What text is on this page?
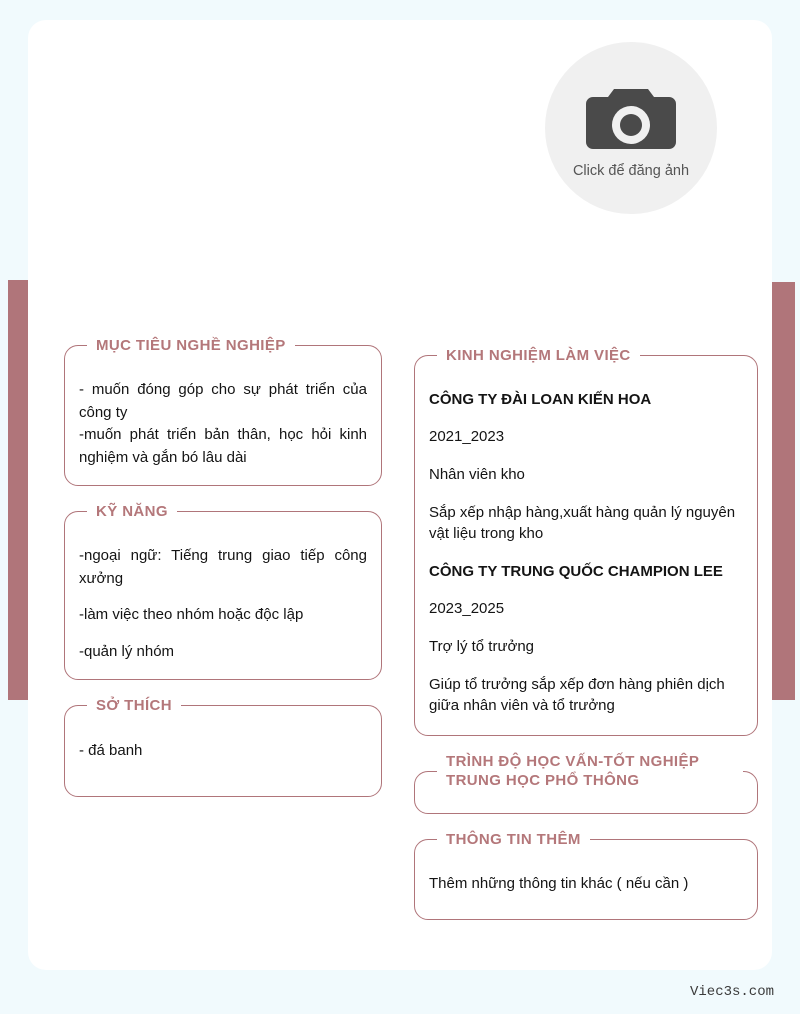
Click để đăng ảnh
MỤC TIÊU NGHỀ NGHIỆP
- muốn đóng góp cho sự phát triển của công ty
-muốn phát triển bản thân, học hỏi kinh nghiệm và gắn bó lâu dài
KỸ NĂNG
-ngoại ngữ: Tiếng trung giao tiếp công xưởng
-làm việc theo nhóm hoặc độc lập
-quản lý nhóm
SỞ THÍCH
- đá banh
KINH NGHIỆM LÀM VIỆC
CÔNG TY ĐÀI LOAN KIẾN HOA
2021_2023
Nhân viên kho
Sắp xếp nhập hàng,xuất hàng quản lý nguyên vật liệu trong kho
CÔNG TY TRUNG QUỐC CHAMPION LEE
2023_2025
Trợ lý tổ trưởng
Giúp tổ trưởng sắp xếp đơn hàng phiên dịch giữa nhân viên và tổ trưởng
TRÌNH ĐỘ HỌC VẤN-TỐT NGHIỆP TRUNG HỌC PHỔ THÔNG
THÔNG TIN THÊM
Thêm những thông tin khác ( nếu cần )
Viec3s.com
